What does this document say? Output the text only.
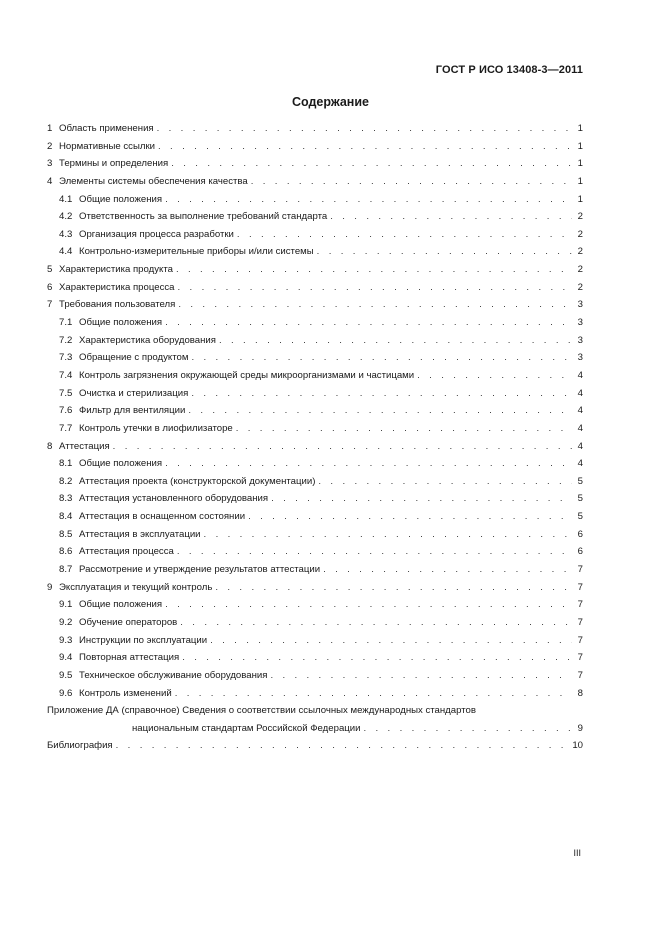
ГОСТ Р ИСО 13408-3—2011
Содержание
1 Область применения . . .	1
2 Нормативные ссылки . . .	1
3 Термины и определения . . .	1
4 Элементы системы обеспечения качества . . .	1
4.1 Общие положения . . .	1
4.2 Ответственность за выполнение требований стандарта . . .	2
4.3 Организация процесса разработки . . .	2
4.4 Контрольно-измерительные приборы и/или системы . . .	2
5 Характеристика продукта . . .	2
6 Характеристика процесса . . .	2
7 Требования пользователя . . .	3
7.1 Общие положения . . .	3
7.2 Характеристика оборудования . . .	3
7.3 Обращение с продуктом . . .	3
7.4 Контроль загрязнения окружающей среды микроорганизмами и частицами . . .	4
7.5 Очистка и стерилизация . . .	4
7.6 Фильтр для вентиляции . . .	4
7.7 Контроль утечки в лиофилизаторе . . .	4
8 Аттестация . . .	4
8.1 Общие положения . . .	4
8.2 Аттестация проекта (конструкторской документации) . . .	5
8.3 Аттестация установленного оборудования . . .	5
8.4 Аттестация в оснащенном состоянии . . .	5
8.5 Аттестация в эксплуатации . . .	6
8.6 Аттестация процесса . . .	6
8.7 Рассмотрение и утверждение результатов аттестации . . .	7
9 Эксплуатация и текущий контроль . . .	7
9.1 Общие положения . . .	7
9.2 Обучение операторов . . .	7
9.3 Инструкции по эксплуатации . . .	7
9.4 Повторная аттестация . . .	7
9.5 Техническое обслуживание оборудования . . .	7
9.6 Контроль изменений . . .	8
Приложение ДА (справочное) Сведения о соответствии ссылочных международных стандартов
национальным стандартам Российской Федерации . . .	9
Библиография . . .	10
III
